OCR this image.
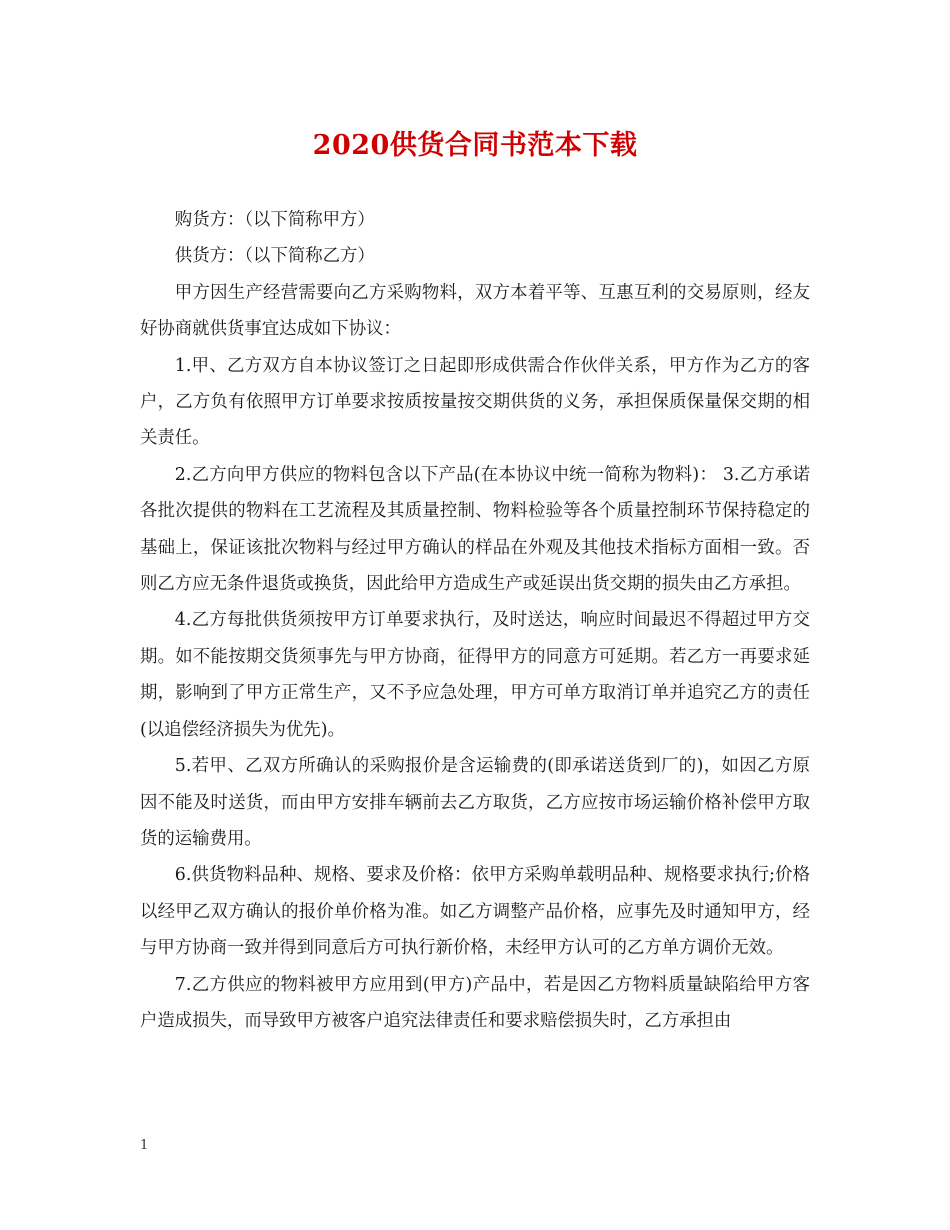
2020供货合同书范本下载

购货方：（以下简称甲方）

供货方：（以下简称乙方）

甲方因生产经营需要向乙方采购物料，双方本着平等、互惠互利的交易原则，经友好协商就供货事宜达成如下协议：

1.甲、乙方双方自本协议签订之日起即形成供需合作伙伴关系，甲方作为乙方的客户，乙方负有依照甲方订单要求按质按量按交期供货的义务，承担保质保量保交期的相关责任。

2.乙方向甲方供应的物料包含以下产品(在本协议中统一简称为物料)： 3.乙方承诺各批次提供的物料在工艺流程及其质量控制、物料检验等各个质量控制环节保持稳定的基础上，保证该批次物料与经过甲方确认的样品在外观及其他技术指标方面相一致。否则乙方应无条件退货或换货，因此给甲方造成生产或延误出货交期的损失由乙方承担。

4.乙方每批供货须按甲方订单要求执行，及时送达，响应时间最迟不得超过甲方交期。如不能按期交货须事先与甲方协商，征得甲方的同意方可延期。若乙方一再要求延期，影响到了甲方正常生产，又不予应急处理，甲方可单方取消订单并追究乙方的责任(以追偿经济损失为优先)。

5.若甲、乙双方所确认的采购报价是含运输费的(即承诺送货到厂的)，如因乙方原因不能及时送货，而由甲方安排车辆前去乙方取货，乙方应按市场运输价格补偿甲方取货的运输费用。

6.供货物料品种、规格、要求及价格：依甲方采购单载明品种、规格要求执行;价格以经甲乙双方确认的报价单价格为准。如乙方调整产品价格，应事先及时通知甲方，经与甲方协商一致并得到同意后方可执行新价格，未经甲方认可的乙方单方调价无效。

7.乙方供应的物料被甲方应用到(甲方)产品中，若是因乙方物料质量缺陷给甲方客户造成损失，而导致甲方被客户追究法律责任和要求赔偿损失时，乙方承担由

1
